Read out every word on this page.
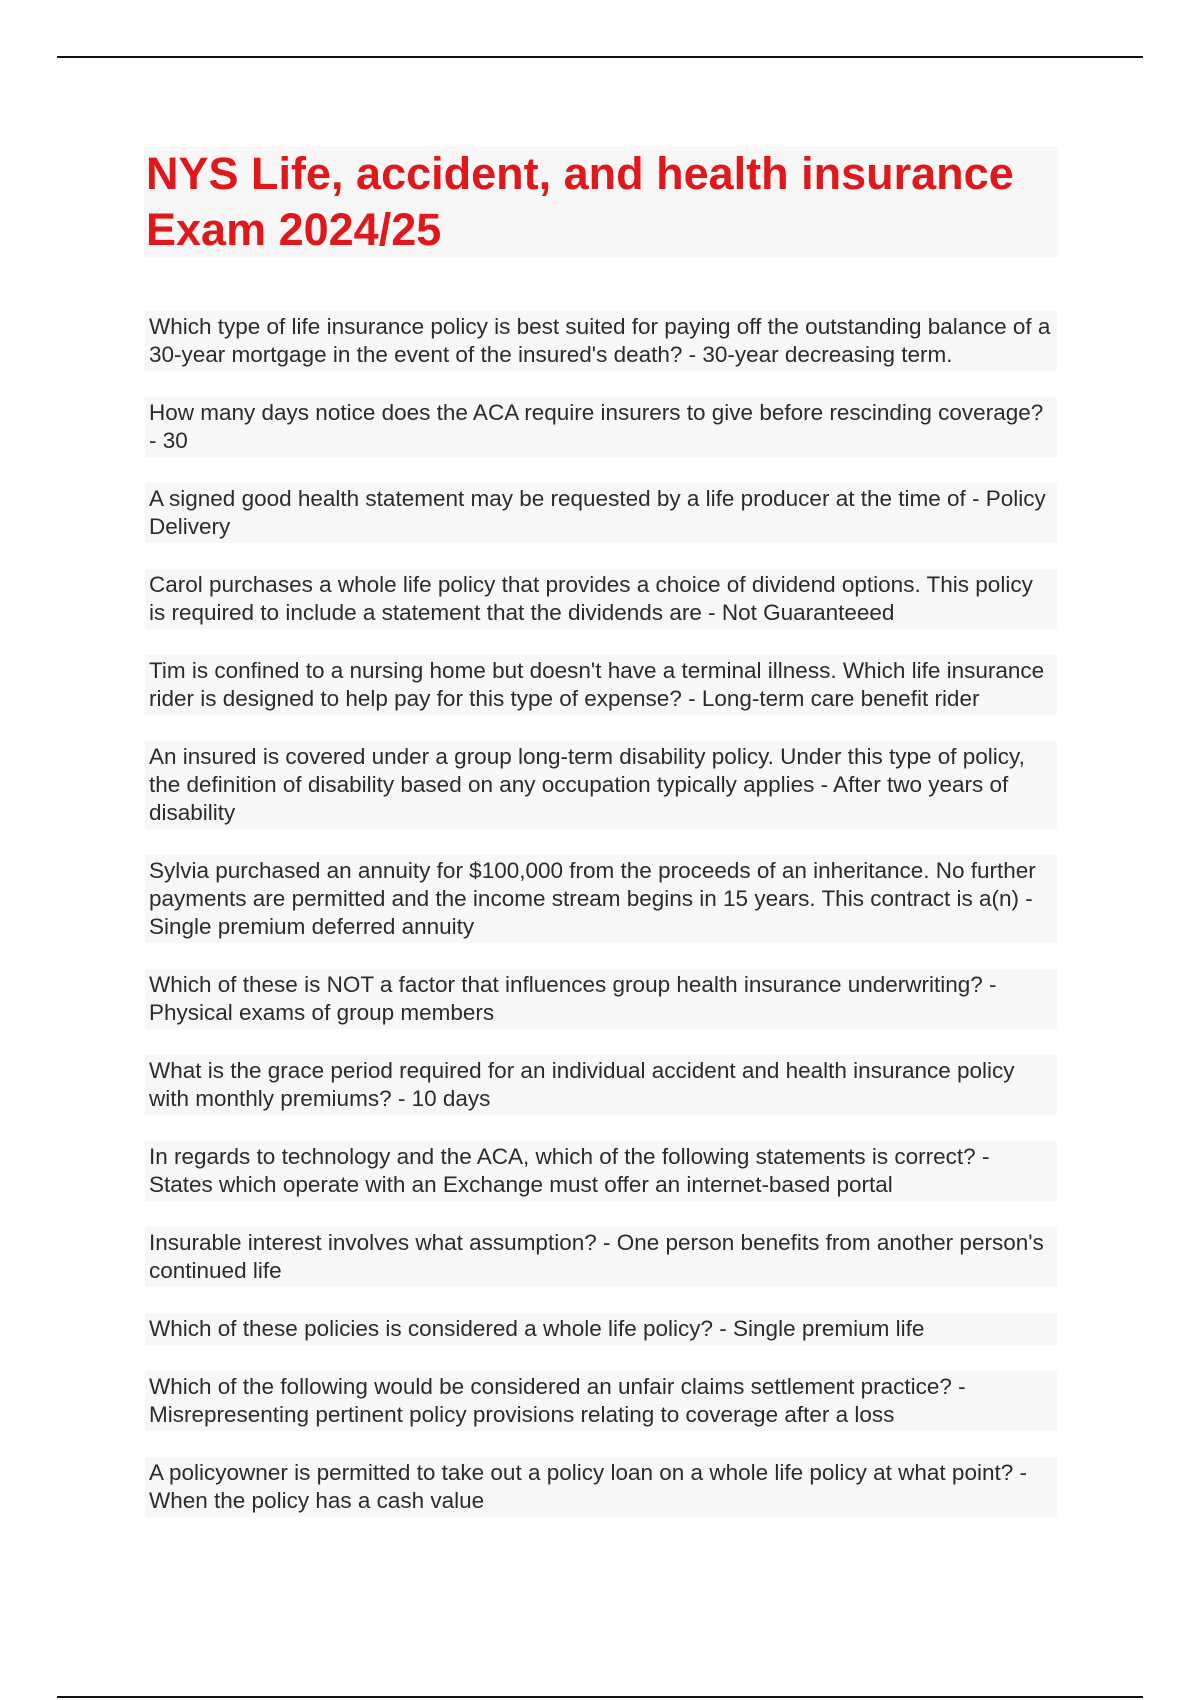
NYS Life, accident, and health insurance Exam 2024/25

Which type of life insurance policy is best suited for paying off the outstanding balance of a 30-year mortgage in the event of the insured's death? - 30-year decreasing term.

How many days notice does the ACA require insurers to give before rescinding coverage? - 30

A signed good health statement may be requested by a life producer at the time of - Policy Delivery

Carol purchases a whole life policy that provides a choice of dividend options. This policy is required to include a statement that the dividends are - Not Guaranteeed

Tim is confined to a nursing home but doesn't have a terminal illness. Which life insurance rider is designed to help pay for this type of expense? - Long-term care benefit rider

An insured is covered under a group long-term disability policy. Under this type of policy, the definition of disability based on any occupation typically applies - After two years of disability

Sylvia purchased an annuity for $100,000 from the proceeds of an inheritance. No further payments are permitted and the income stream begins in 15 years. This contract is a(n) - Single premium deferred annuity

Which of these is NOT a factor that influences group health insurance underwriting? - Physical exams of group members

What is the grace period required for an individual accident and health insurance policy with monthly premiums? - 10 days

In regards to technology and the ACA, which of the following statements is correct? - States which operate with an Exchange must offer an internet-based portal

Insurable interest involves what assumption? - One person benefits from another person's continued life

Which of these policies is considered a whole life policy? - Single premium life

Which of the following would be considered an unfair claims settlement practice? - Misrepresenting pertinent policy provisions relating to coverage after a loss

A policyowner is permitted to take out a policy loan on a whole life policy at what point? - When the policy has a cash value
